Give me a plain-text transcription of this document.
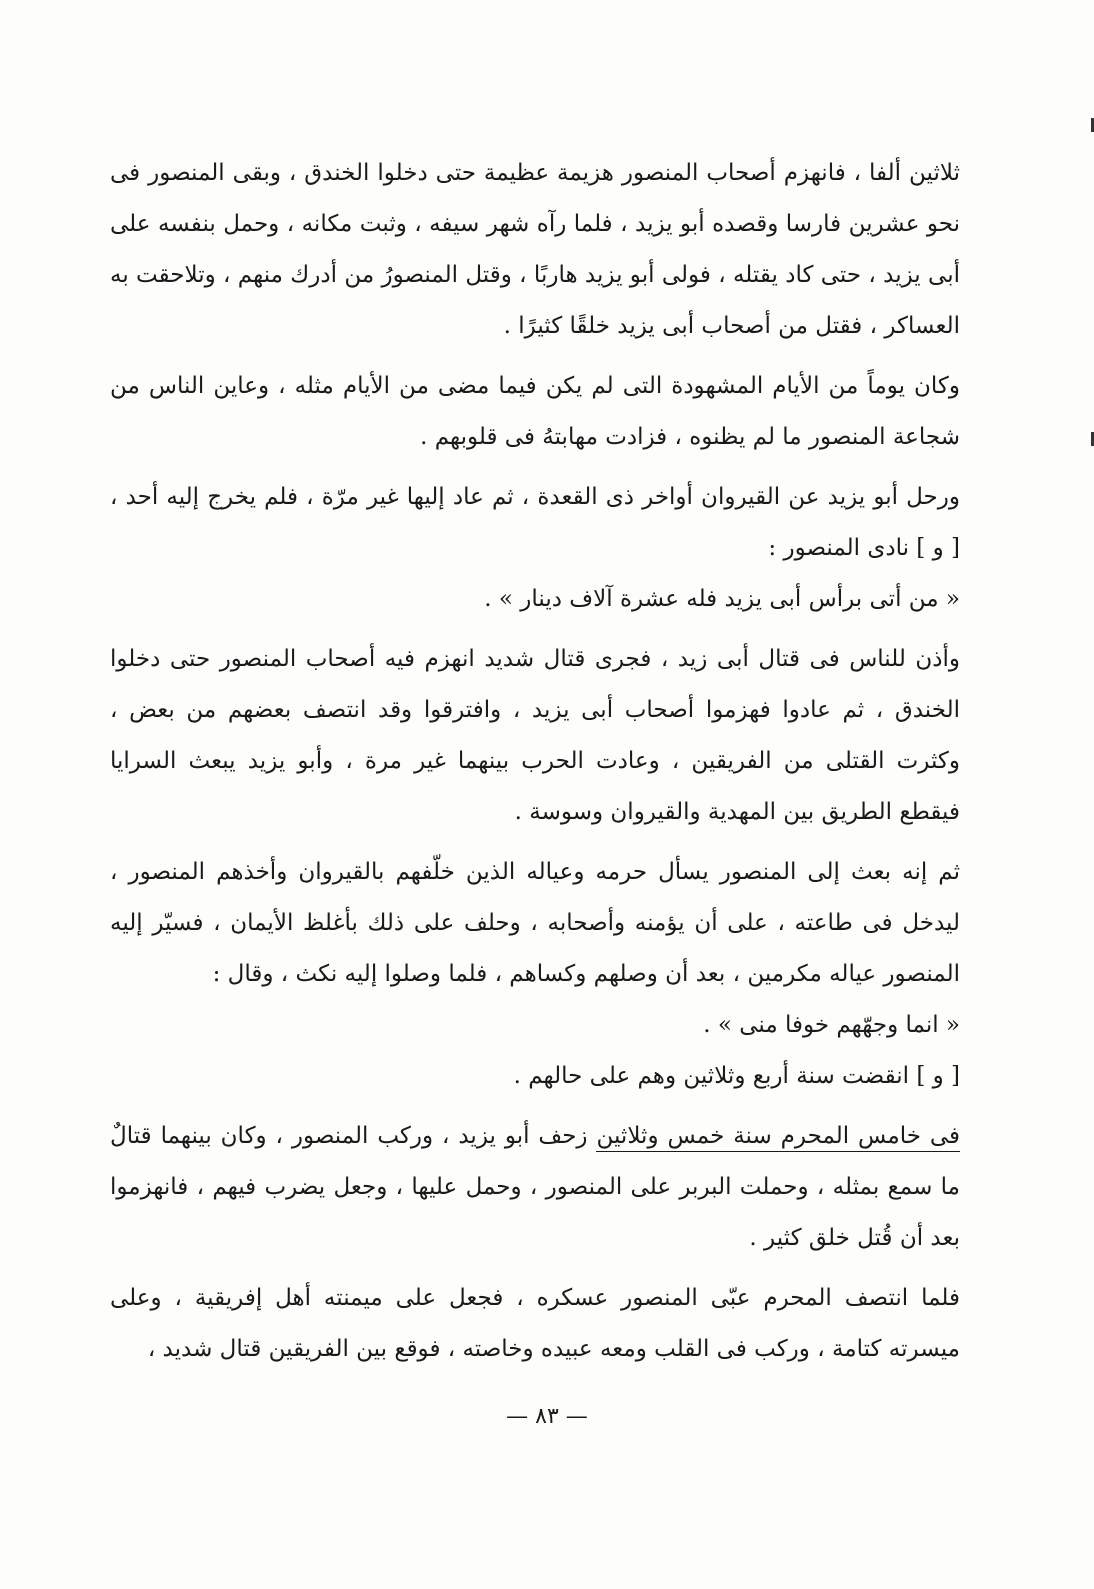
ثلاثين ألفا ، فانهزم أصحاب المنصور هزيمة عظيمة حتى دخلوا الخندق ، وبقى المنصور فى نحو عشرين فارسا وقصده أبو يزيد ، فلما رآه شهر سيفه ، وثبت مكانه ، وحمل بنفسه على أبى يزيد ، حتى كاد يقتله ، فولى أبو يزيد هاربًا ، وقتل المنصورُ من أدرك منهم ، وتلاحقت به العساكر ، فقتل من أصحاب أبى يزيد خلقًا كثيرًا .

وكان يوماً من الأيام المشهودة التى لم يكن فيما مضى من الأيام مثله ، وعاين الناس من شجاعة المنصور ما لم يظنوه ، فزادت مهابتهُ فى قلوبهم .

ورحل أبو يزيد عن القيروان أواخر ذى القعدة ، ثم عاد إليها غير مرّة ، فلم يخرج إليه أحد ، [ و ] نادى المنصور :

« من أتى برأس أبى يزيد فله عشرة آلاف دينار » .

وأذن للناس فى قتال أبى زيد ، فجرى قتال شديد انهزم فيه أصحاب المنصور حتى دخلوا الخندق ، ثم عادوا فهزموا أصحاب أبى يزيد ، وافترقوا وقد انتصف بعضهم من بعض ، وكثرت القتلى من الفريقين ، وعادت الحرب بينهما غير مرة ، وأبو يزيد يبعث السرايا فيقطع الطريق بين المهدية والقيروان وسوسة .

ثم إنه بعث إلى المنصور يسأل حرمه وعياله الذين خلّفهم بالقيروان وأخذهم المنصور ، ليدخل فى طاعته ، على أن يؤمنه وأصحابه ، وحلف على ذلك بأغلظ الأيمان ، فسيّر إليه المنصور عياله مكرمين ، بعد أن وصلهم وكساهم ، فلما وصلوا إليه نكث ، وقال :

« انما وجهّهم خوفا منى » .

[ و ] انقضت سنة أربع وثلاثين وهم على حالهم .

فى خامس المحرم سنة خمس وثلاثين زحف أبو يزيد ، وركب المنصور ، وكان بينهما قتالٌ ما سمع بمثله ، وحملت البربر على المنصور ، وحمل عليها ، وجعل يضرب فيهم ، فانهزموا بعد أن قُتل خلق كثير .

فلما انتصف المحرم عبّى المنصور عسكره ، فجعل على ميمنته أهل إفريقية ، وعلى ميسرته كتامة ، وركب فى القلب ومعه عبيده وخاصته ، فوقع بين الفريقين قتال شديد ،

— ٨٣ —
